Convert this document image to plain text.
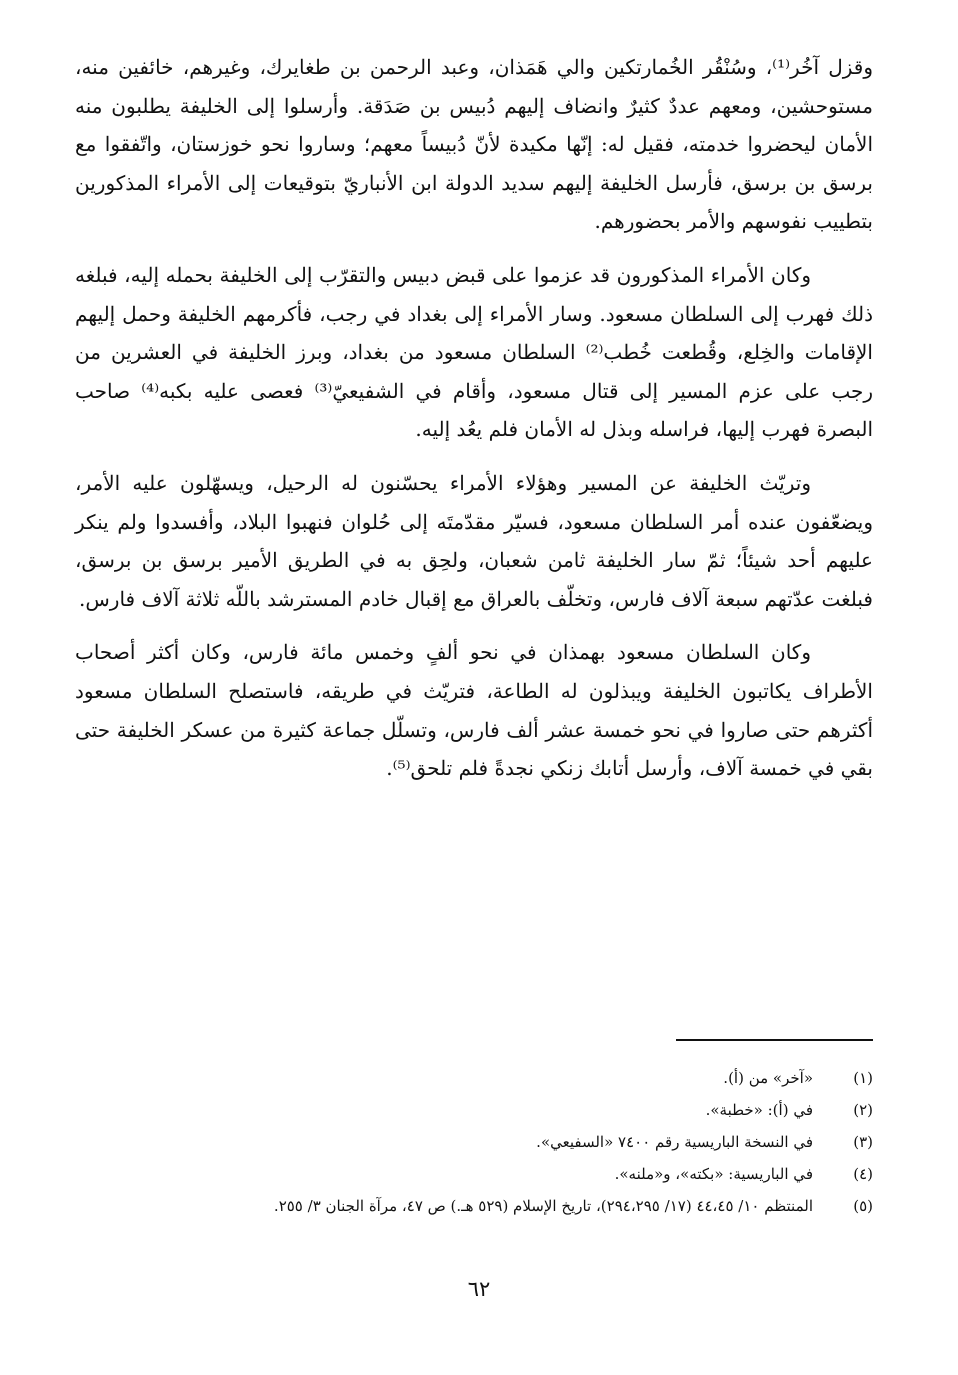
وقزل آخُر⁽¹⁾، وسُنْقُر الخُمارتكين والي هَمَذان، وعبد الرحمن بن طغايرك، وغيرهم، خائفين منه، مستوحشين، ومعهم عددٌ كثيرٌ وانضاف إليهم دُبيس بن صَدَقة. وأرسلوا إلى الخليفة يطلبون منه الأمان ليحضروا خدمته، فقيل له: إنّها مكيدة لأنّ دُبيساً معهم؛ وساروا نحو خوزستان، واتّفقوا مع برسق بن برسق، فأرسل الخليفة إليهم سديد الدولة ابن الأنباريّ بتوقيعات إلى الأمراء المذكورين بتطييب نفوسهم والأمر بحضورهم.

وكان الأمراء المذكورون قد عزموا على قبض دبيس والتقرّب إلى الخليفة بحمله إليه، فبلغه ذلك فهرب إلى السلطان مسعود. وسار الأمراء إلى بغداد في رجب، فأكرمهم الخليفة وحمل إليهم الإقامات والخِلع، وقُطعت خُطب⁽²⁾ السلطان مسعود من بغداد، وبرز الخليفة في العشرين من رجب على عزم المسير إلى قتال مسعود، وأقام في الشفيعيّ⁽³⁾ فعصى عليه بكبه⁽⁴⁾ صاحب البصرة فهرب إليها، فراسله وبذل له الأمان فلم يعُد إليه.

وتريّث الخليفة عن المسير وهؤلاء الأمراء يحسّنون له الرحيل، ويسهّلون عليه الأمر، ويضعّفون عنده أمر السلطان مسعود، فسيّر مقدّمتَه إلى حُلوان فنهبوا البلاد، وأفسدوا ولم ينكر عليهم أحد شيئاً؛ ثمّ سار الخليفة ثامن شعبان، ولحِق به في الطريق الأمير برسق بن برسق، فبلغت عدّتهم سبعة آلاف فارس، وتخلّف بالعراق مع إقبال خادم المسترشد باللّه ثلاثة آلاف فارس.

وكان السلطان مسعود بهمذان في نحو ألفٍ وخمس مائة فارس، وكان أكثر أصحاب الأطراف يكاتبون الخليفة ويبذلون له الطاعة، فتريّث في طريقه، فاستصلح السلطان مسعود أكثرهم حتى صاروا في نحو خمسة عشر ألف فارس، وتسلّل جماعة كثيرة من عسكر الخليفة حتى بقي في خمسة آلاف، وأرسل أتابك زنكي نجدةً فلم تلحق⁽⁵⁾.

(١)
«آخر» من (أ).
(٢)
في (أ): «خطبة».
(٣)
في النسخة الباريسية رقم ٧٤٠٠ «السفيعي».
(٤)
في الباريسية: «بكته»، و«ملنه».
(٥)
المنتظم ١٠/ ٤٤،٤٥ (١٧/ ٢٩٤،٢٩٥)، تاريخ الإسلام (٥٢٩ هـ.) ص ٤٧، مرآة الجنان ٣/ ٢٥٥.
٦٢
